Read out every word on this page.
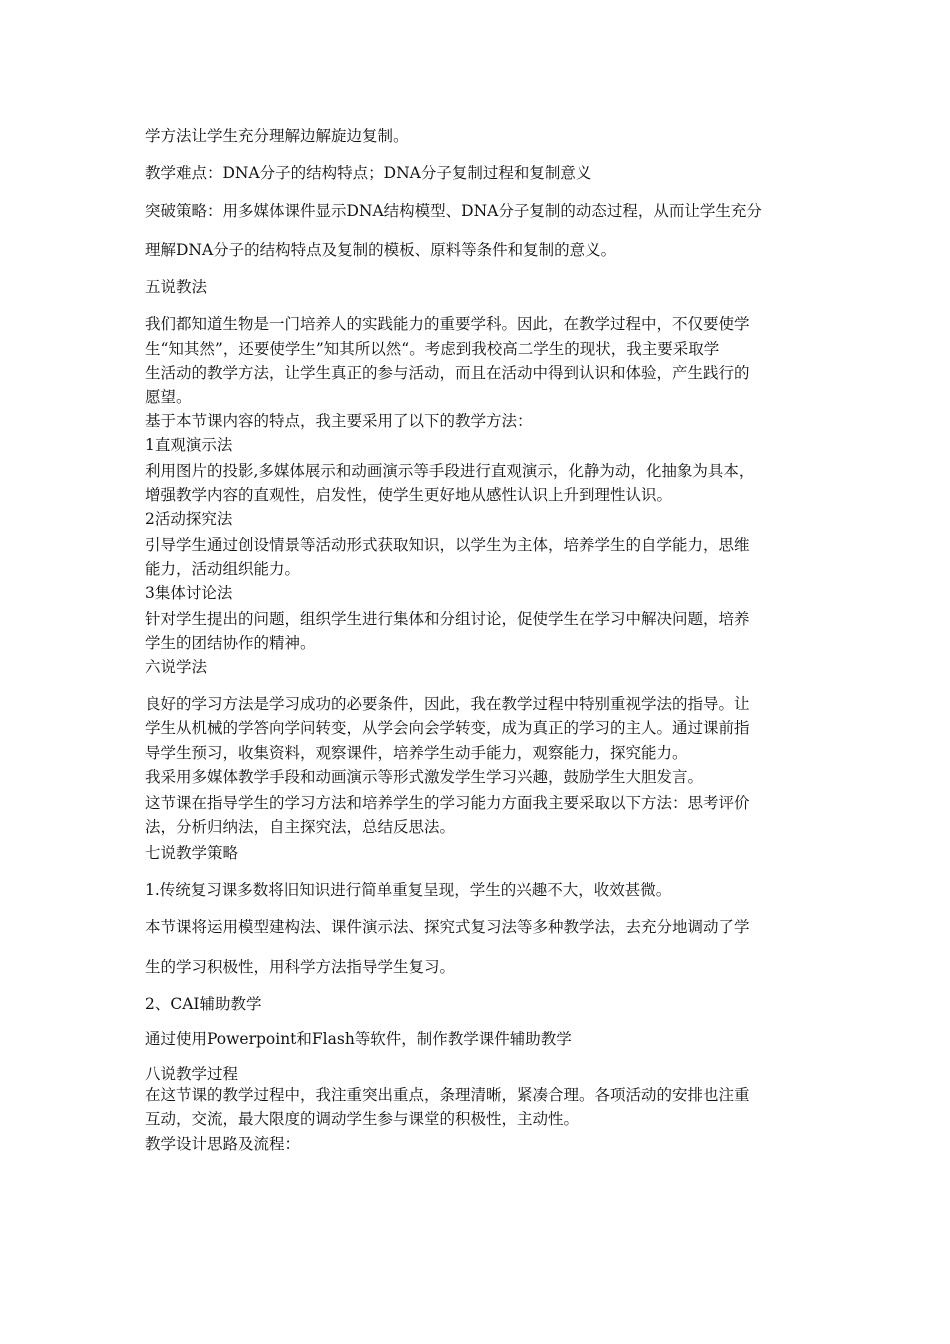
学方法让学生充分理解边解旋边复制。
教学难点：DNA分子的结构特点；DNA分子复制过程和复制意义
突破策略：用多媒体课件显示DNA结构模型、DNA分子复制的动态过程，从而让学生充分
理解DNA分子的结构特点及复制的模板、原料等条件和复制的意义。
五说教法
我们都知道生物是一门培养人的实践能力的重要学科。因此，在教学过程中，不仅要使学
生“知其然”，还要使学生”知其所以然“。考虑到我校高二学生的现状，我主要采取学
生活动的教学方法，让学生真正的参与活动，而且在活动中得到认识和体验，产生践行的
愿望。
基于本节课内容的特点，我主要采用了以下的教学方法：
1直观演示法
利用图片的投影,多媒体展示和动画演示等手段进行直观演示，化静为动，化抽象为具本，
增强教学内容的直观性，启发性，使学生更好地从感性认识上升到理性认识。
2活动探究法
引导学生通过创设情景等活动形式获取知识，以学生为主体，培养学生的自学能力，思维
能力，活动组织能力。
3集体讨论法
针对学生提出的问题，组织学生进行集体和分组讨论，促使学生在学习中解决问题，培养
学生的团结协作的精神。
六说学法
良好的学习方法是学习成功的必要条件，因此，我在教学过程中特别重视学法的指导。让
学生从机械的学答向学问转变，从学会向会学转变，成为真正的学习的主人。通过课前指
导学生预习，收集资料，观察课件，培养学生动手能力，观察能力，探究能力。
我采用多媒体教学手段和动画演示等形式激发学生学习兴趣，鼓励学生大胆发言。
这节课在指导学生的学习方法和培养学生的学习能力方面我主要采取以下方法：思考评价
法，分析归纳法，自主探究法，总结反思法。
七说教学策略
1.传统复习课多数将旧知识进行简单重复呈现，学生的兴趣不大，收效甚微。
本节课将运用模型建构法、课件演示法、探究式复习法等多种教学法，去充分地调动了学
生的学习积极性，用科学方法指导学生复习。
2、CAI辅助教学
通过使用Powerpoint和Flash等软件，制作教学课件辅助教学
八说教学过程
在这节课的教学过程中，我注重突出重点，条理清晰，紧凑合理。各项活动的安排也注重
互动，交流，最大限度的调动学生参与课堂的积极性，主动性。
教学设计思路及流程：
